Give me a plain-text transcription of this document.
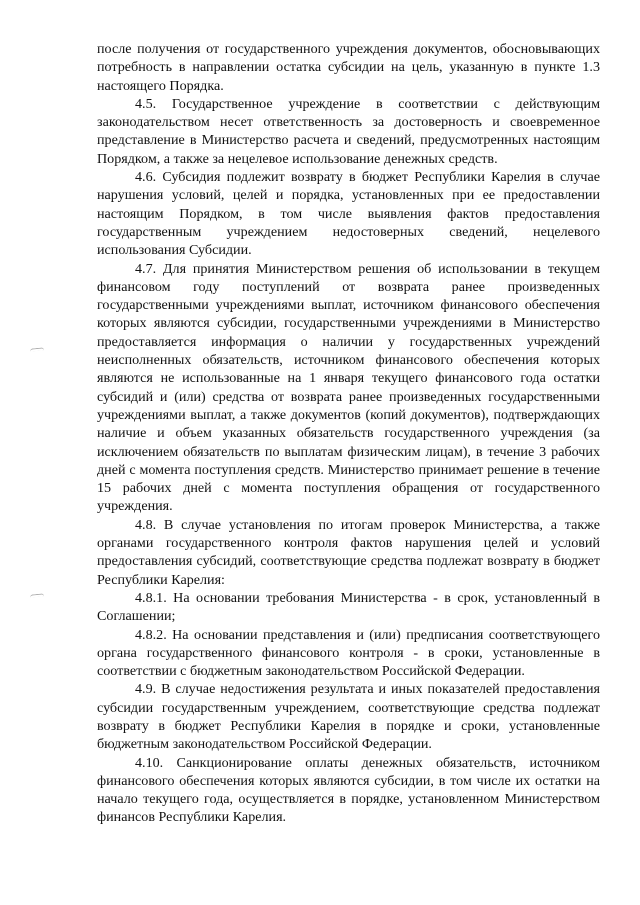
после получения от государственного учреждения документов, обосновывающих потребность в направлении остатка субсидии на цель, указанную в пункте 1.3 настоящего Порядка.

4.5. Государственное учреждение в соответствии с действующим законодательством несет ответственность за достоверность и своевременное представление в Министерство расчета и сведений, предусмотренных настоящим Порядком, а также за нецелевое использование денежных средств.

4.6. Субсидия подлежит возврату в бюджет Республики Карелия в случае нарушения условий, целей и порядка, установленных при ее предоставлении настоящим Порядком, в том числе выявления фактов предоставления государственным учреждением недостоверных сведений, нецелевого использования Субсидии.

4.7. Для принятия Министерством решения об использовании в текущем финансовом году поступлений от возврата ранее произведенных государственными учреждениями выплат, источником финансового обеспечения которых являются субсидии, государственными учреждениями в Министерство предоставляется информация о наличии у государственных учреждений неисполненных обязательств, источником финансового обеспечения которых являются не использованные на 1 января текущего финансового года остатки субсидий и (или) средства от возврата ранее произведенных государственными учреждениями выплат, а также документов (копий документов), подтверждающих наличие и объем указанных обязательств государственного учреждения (за исключением обязательств по выплатам физическим лицам), в течение 3 рабочих дней с момента поступления средств. Министерство принимает решение в течение 15 рабочих дней с момента поступления обращения от государственного учреждения.

4.8. В случае установления по итогам проверок Министерства, а также органами государственного контроля фактов нарушения целей и условий предоставления субсидий, соответствующие средства подлежат возврату в бюджет Республики Карелия:

4.8.1. На основании требования Министерства - в срок, установленный в Соглашении;

4.8.2. На основании представления и (или) предписания соответствующего органа государственного финансового контроля - в сроки, установленные в соответствии с бюджетным законодательством Российской Федерации.

4.9. В случае недостижения результата и иных показателей предоставления субсидии государственным учреждением, соответствующие средства подлежат возврату в бюджет Республики Карелия в порядке и сроки, установленные бюджетным законодательством Российской Федерации.

4.10. Санкционирование оплаты денежных обязательств, источником финансового обеспечения которых являются субсидии, в том числе их остатки на начало текущего года, осуществляется в порядке, установленном Министерством финансов Республики Карелия.
